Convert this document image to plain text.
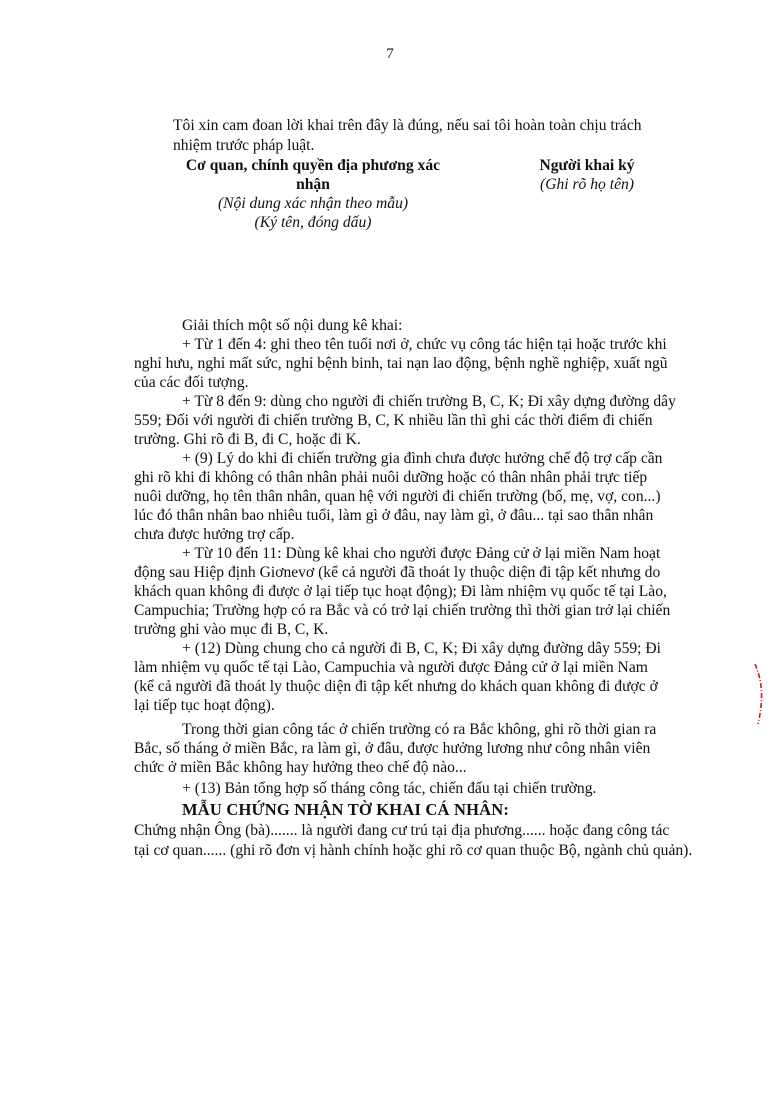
7
Tôi xin cam đoan lời khai trên đây là đúng, nếu sai tôi hoàn toàn chịu trách
nhiệm trước pháp luật.
Cơ quan, chính quyền địa phương xác
nhận
(Nội dung xác nhận theo mẫu)
(Ký tên, đóng dấu)
Người khai ký
(Ghi rõ họ tên)
Giải thích một số nội dung kê khai:
+ Từ 1 đến 4: ghi theo tên tuổi nơi ở, chức vụ công tác hiện tại hoặc trước khi
nghỉ hưu, nghỉ mất sức, nghỉ bệnh binh, tai nạn lao động, bệnh nghề nghiệp, xuất ngũ
của các đối tượng.
+ Từ 8 đến 9: dùng cho người đi chiến trường B, C, K; Đi xây dựng đường dây
559; Đối với người đi chiến trường B, C, K nhiều lần thì ghi các thời điểm đi chiến
trường. Ghi rõ đi B, đi C, hoặc đi K.
+ (9) Lý do khi đi chiến trường gia đình chưa được hưởng chế độ trợ cấp cần
ghi rõ khi đi không có thân nhân phải nuôi dưỡng hoặc có thân nhân phải trực tiếp
nuôi dưỡng, họ tên thân nhân, quan hệ với người đi chiến trường (bố, mẹ, vợ, con...)
lúc đó thân nhân bao nhiêu tuổi, làm gì ở đâu, nay làm gì, ở đâu... tại sao thân nhân
chưa được hưởng trợ cấp.
+ Từ 10 đến 11: Dùng kê khai cho người được Đảng cử ở lại miền Nam hoạt
động sau Hiệp định Giơnevơ (kể cả người đã thoát ly thuộc diện đi tập kết nhưng do
khách quan không đi được ở lại tiếp tục hoạt động); Đi làm nhiệm vụ quốc tế tại Lào,
Campuchia; Trường hợp có ra Bắc và có trở lại chiến trường thì thời gian trở lại chiến
trường ghi vào mục đi B, C, K.
+ (12) Dùng chung cho cả người đi B, C, K; Đi xây dựng đường dây 559; Đi
làm nhiệm vụ quốc tế tại Lào, Campuchia và người được Đảng cử ở lại miền Nam
(kể cả người đã thoát ly thuộc diện đi tập kết nhưng do khách quan không đi được ở
lại tiếp tục hoạt động).
Trong thời gian công tác ở chiến trường có ra Bắc không, ghi rõ thời gian ra
Bắc, số tháng ở miền Bắc, ra làm gì, ở đâu, được hưởng lương như công nhân viên
chức ở miền Bắc không hay hưởng theo chế độ nào...
+ (13) Bản tổng hợp số tháng công tác, chiến đấu tại chiến trường.
MẪU CHỨNG NHẬN TỜ KHAI CÁ NHÂN:
Chứng nhận Ông (bà)....... là người đang cư trú tại địa phương...... hoặc đang công tác
tại cơ quan...... (ghi rõ đơn vị hành chính hoặc ghi rõ cơ quan thuộc Bộ, ngành chủ quản).
